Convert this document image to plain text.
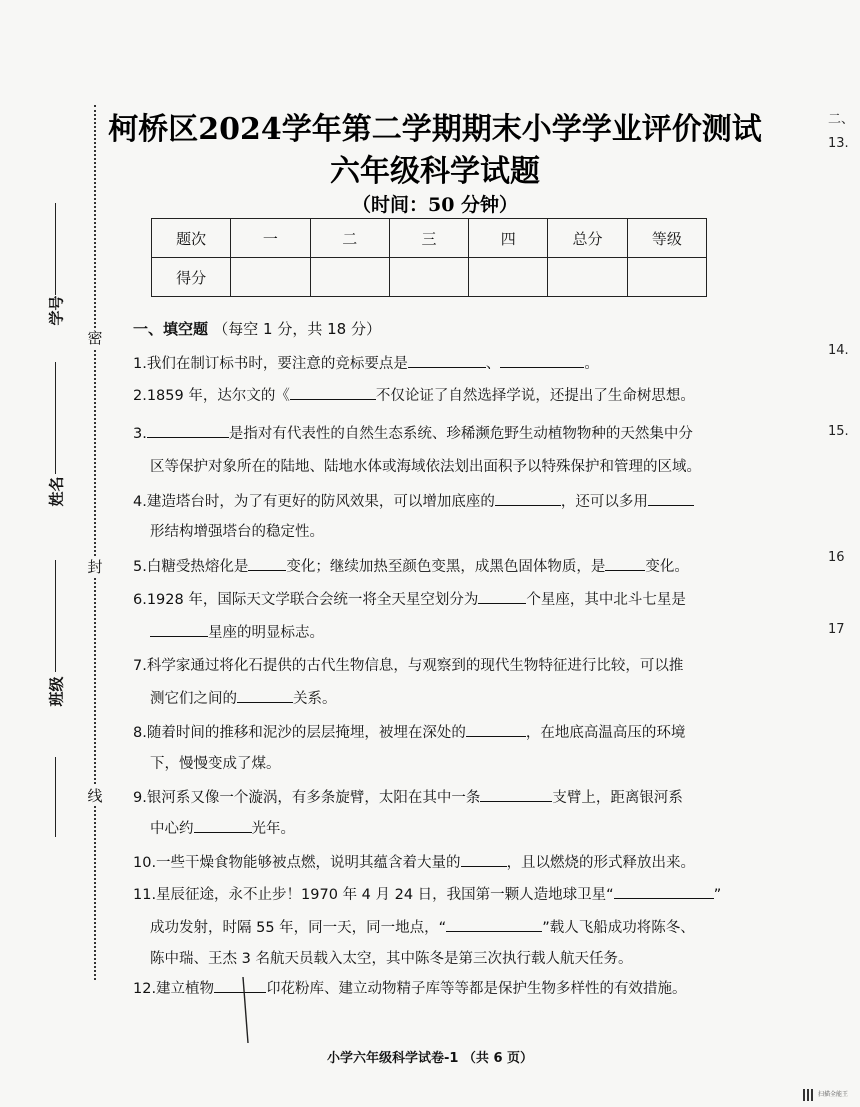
密
封
线
学号
姓名
班级
柯桥区2024学年第二学期期末小学学业评价测试
六年级科学试题
（时间：50 分钟）
题次	一	二	三	四	总分	等级
得分						
一、填空题 （每空 1 分，共 18 分）
1.我们在制订标书时，要注意的竞标要点是	、	。
2.1859 年，达尔文的《	不仅论证了自然选择学说，还提出了生命树思想。
3.	是指对有代表性的自然生态系统、珍稀濒危野生动植物物种的天然集中分
区等保护对象所在的陆地、陆地水体或海域依法划出面积予以特殊保护和管理的区域。
4.建造塔台时，为了有更好的防风效果，可以增加底座的	，还可以多用
形结构增强塔台的稳定性。
5.白糖受热熔化是	变化；继续加热至颜色变黑，成黑色固体物质，是	变化。
6.1928 年，国际天文学联合会统一将全天星空划分为	个星座，其中北斗七星是
星座的明显标志。
7.科学家通过将化石提供的古代生物信息，与观察到的现代生物特征进行比较，可以推
测它们之间的	关系。
8.随着时间的推移和泥沙的层层掩埋，被埋在深处的	，在地底高温高压的环境
下，慢慢变成了煤。
9.银河系又像一个漩涡，有多条旋臂，太阳在其中一条	支臂上，距离银河系
中心约	光年。
10.一些干燥食物能够被点燃，说明其蕴含着大量的	，且以燃烧的形式释放出来。
11.星辰征途，永不止步！1970 年 4 月 24 日，我国第一颗人造地球卫星“	”
成功发射，时隔 55 年，同一天，同一地点，“	”载人飞船成功将陈冬、
陈中瑞、王杰 3 名航天员载入太空，其中陈冬是第三次执行载人航天任务。
12.建立植物	卬花粉库、建立动物精子库等等都是保护生物多样性的有效措施。
小学六年级科学试卷-1 （共 6 页）
二、
13.
14.
15.
16
17
扫描全能王
